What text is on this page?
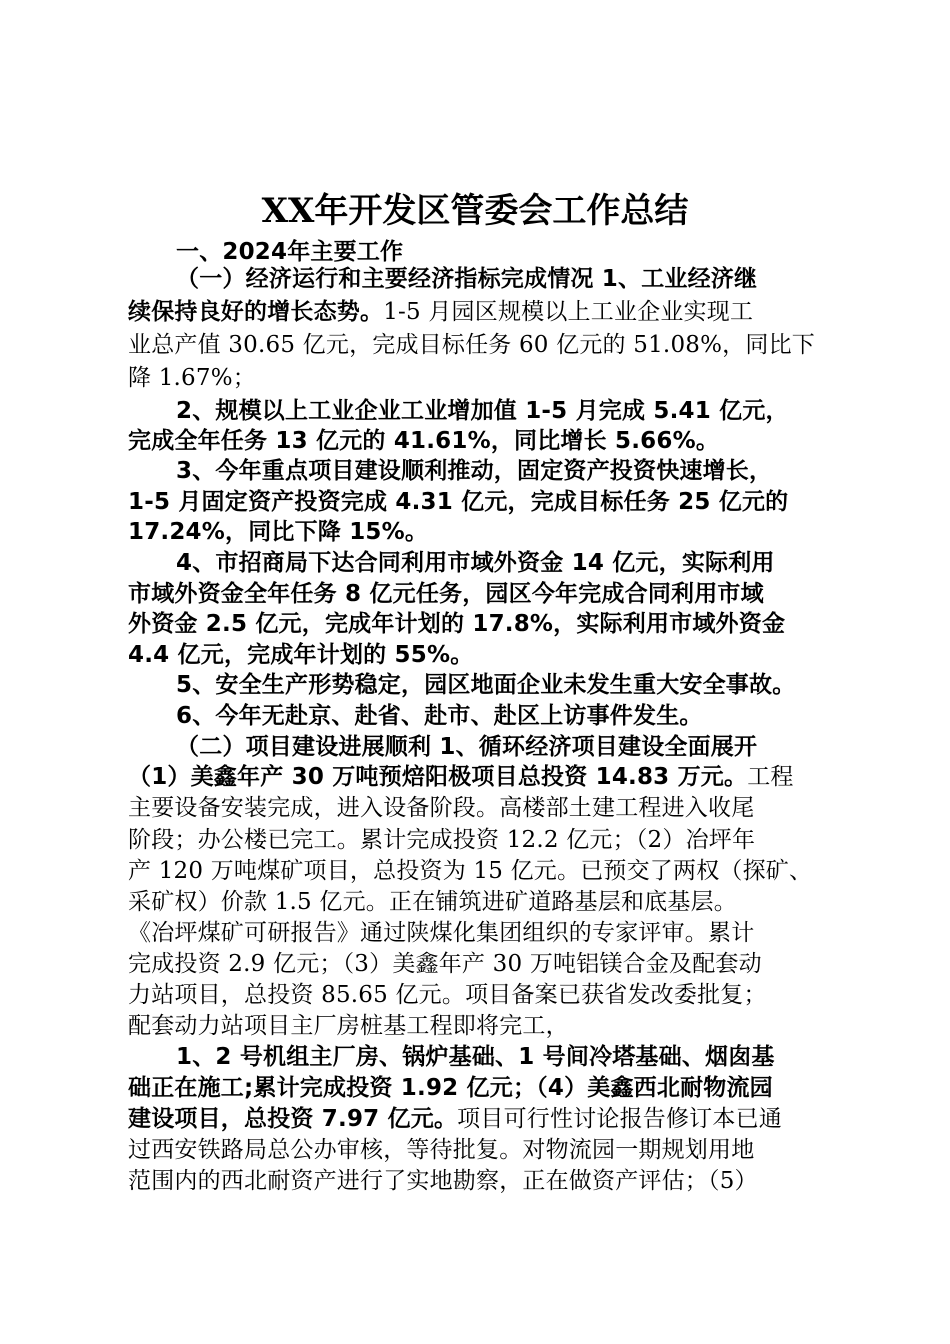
XX年开发区管委会工作总结
一、2024年主要工作
（一）经济运行和主要经济指标完成情况 1、工业经济继
续保持良好的增长态势。1-5 月园区规模以上工业企业实现工
业总产值 30.65 亿元，完成目标任务 60 亿元的 51.08%，同比下
降 1.67%；
2、规模以上工业企业工业增加值 1-5 月完成 5.41 亿元，
完成全年任务 13 亿元的 41.61%，同比增长 5.66%。
3、今年重点项目建设顺利推动，固定资产投资快速增长，
1-5 月固定资产投资完成 4.31 亿元，完成目标任务 25 亿元的
17.24%，同比下降 15%。
4、市招商局下达合同利用市域外资金 14 亿元，实际利用
市域外资金全年任务 8 亿元任务，园区今年完成合同利用市域
外资金 2.5 亿元，完成年计划的 17.8%，实际利用市域外资金
4.4 亿元，完成年计划的 55%。
5、安全生产形势稳定，园区地面企业未发生重大安全事故。
6、今年无赴京、赴省、赴市、赴区上访事件发生。
（二）项目建设进展顺利 1、循环经济项目建设全面展开
（1）美鑫年产 30 万吨预焙阳极项目总投资 14.83 万元。工程
主要设备安装完成，进入设备阶段。高楼部土建工程进入收尾
阶段；办公楼已完工。累计完成投资 12.2 亿元；（2）冶坪年
产 120 万吨煤矿项目，总投资为 15 亿元。已预交了两权（探矿、
采矿权）价款 1.5 亿元。正在铺筑进矿道路基层和底基层。
《冶坪煤矿可研报告》通过陕煤化集团组织的专家评审。累计
完成投资 2.9 亿元；（3）美鑫年产 30 万吨铝镁合金及配套动
力站项目，总投资 85.65 亿元。项目备案已获省发改委批复；
配套动力站项目主厂房桩基工程即将完工，
1、2 号机组主厂房、锅炉基础、1 号间冷塔基础、烟囱基
础正在施工;累计完成投资 1.92 亿元；（4）美鑫西北耐物流园
建设项目，总投资 7.97 亿元。项目可行性讨论报告修订本已通
过西安铁路局总公办审核，等待批复。对物流园一期规划用地
范围内的西北耐资产进行了实地勘察，正在做资产评估；（5）
